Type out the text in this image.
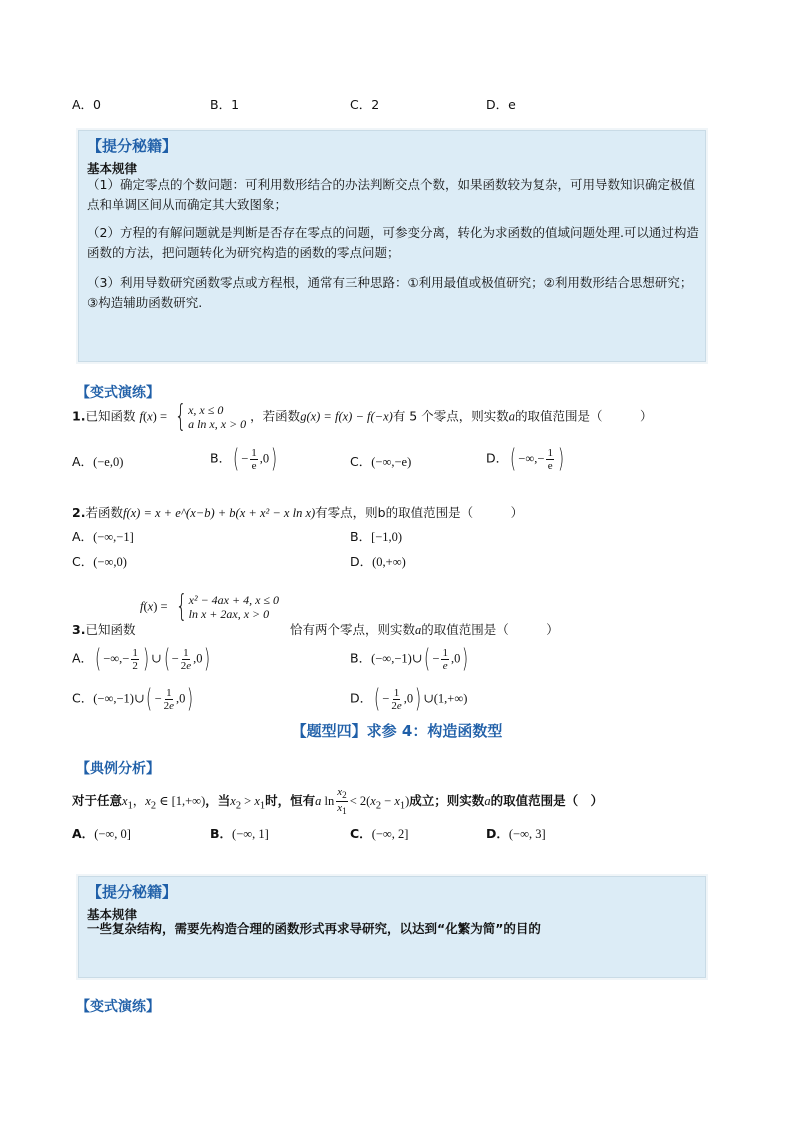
A．0	B．1	C．2	D．e
【提分秘籍】
基本规律
（1）确定零点的个数问题：可利用数形结合的办法判断交点个数，如果函数较为复杂，可用导数知识确定极值点和单调区间从而确定其大致图象；
（2）方程的有解问题就是判断是否存在零点的问题，可参变分离，转化为求函数的值域问题处理.可以通过构造函数的方法，把问题转化为研究构造的函数的零点问题；
（3）利用导数研究函数零点或方程根，通常有三种思路：①利用最值或极值研究；②利用数形结合思想研究；③构造辅助函数研究.
【变式演练】
1.已知函数 f(x) = { x, x ≤ 0
a ln x, x > 0
，若函数g(x) = f(x) − f(−x)有 5 个零点，则实数a的取值范围是（　　　）
A．(−e,0)	B．( − $\frac{1}{e} ,0$)	C．(−∞,−e)	D．( −∞,− $\frac{1}{e}$ )
2.若函数f(x) = x + e^(x−b) + b(x + x² − x ln x)有零点，则b的取值范围是（　　　）
A．(−∞,−1]	B．[−1,0)
C．(−∞,0)	D．(0,+∞)
f(x) = { x² − 4ax + 4, x ≤ 0
ln x + 2ax, x > 0
3.已知函数	恰有两个零点，则实数a的取值范围是（　　　）
A．( −∞,− $\frac{1}{2}$ ) ∪( − $\frac{1}{2e} ,0$)	B．(−∞,−1)∪( − $\frac{1}{e} ,0$)
C．(−∞,−1)∪( − $\frac{1}{2e} ,0$)	D．( − $\frac{1}{2e} ,0$) ∪(1,+∞)
【题型四】求参 4：构造函数型
【典例分析】
对于任意$x_1$，$x_2$ ∈ [1,+∞)，当$x_2 > x_1$时，恒有a $\ln \frac{x_2}{x_1} < 2(x_2 - x_1)$成立；则实数a的取值范围是（　）
A．(−∞, 0]	B．(−∞, 1]	C．(−∞, 2]	D．(−∞, 3]
【提分秘籍】
基本规律
一些复杂结构，需要先构造合理的函数形式再求导研究，以达到“化繁为简”的目的
【变式演练】
